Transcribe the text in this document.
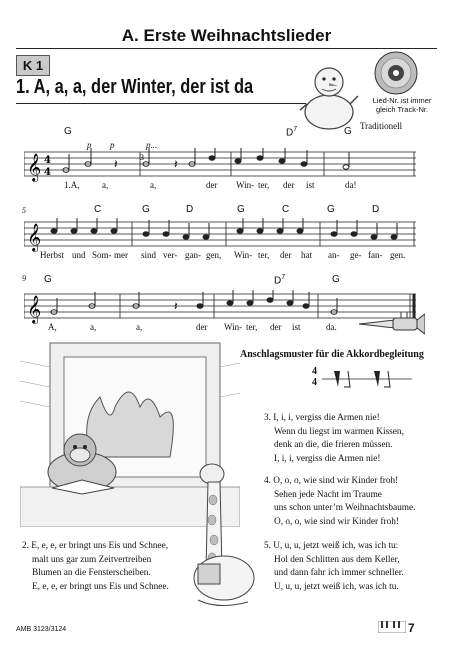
A. Erste Weihnachtslieder
K 1
1. A, a, a, der Winter, der ist da
Lied-Nr. ist immer
gleich Track-Nr.
Traditionell
G	$D^7$	G
p p	p...
𝄞 4
4
3	𝄽
𝄽
1.A,	a,	a,	der Win- ter, der ist	da!
5	C	G	D	G	C	G	D
𝄞
Herbst und Som- mer sind ver- gan- gen, Win- ter, der hat an- ge- fan- gen.
9 G	$D^7$	G
𝄞	𝄽
A,	a,	a,	der Win- ter, der ist	da.
Anschlagsmuster für die Akkordbegleitung
4
4
3. I, i, i, vergiss die Armen nie!
Wenn du liegst im warmen Kissen,
denk an die, die frieren müssen.
I, i, i, vergiss die Armen nie!
4. O, o, o, wie sind wir Kinder froh!
Sehen jede Nacht im Traume
uns schon unter’m Weihnachtsbaume.
O, o, o, wie sind wir Kinder froh!
5. U, u, u, jetzt weiß ich, was ich tu:
Hol den Schlitten aus dem Keller,
und dann fahr ich immer schneller.
U, u, u, jetzt weiß ich, was ich tu.
2. E, e, e, er bringt uns Eis und Schnee,
malt uns gar zum Zeitvertreiben
Blumen an die Fensterscheiben.
E, e, e, er bringt uns Eis und Schnee.
AMB 3123/3124	7
